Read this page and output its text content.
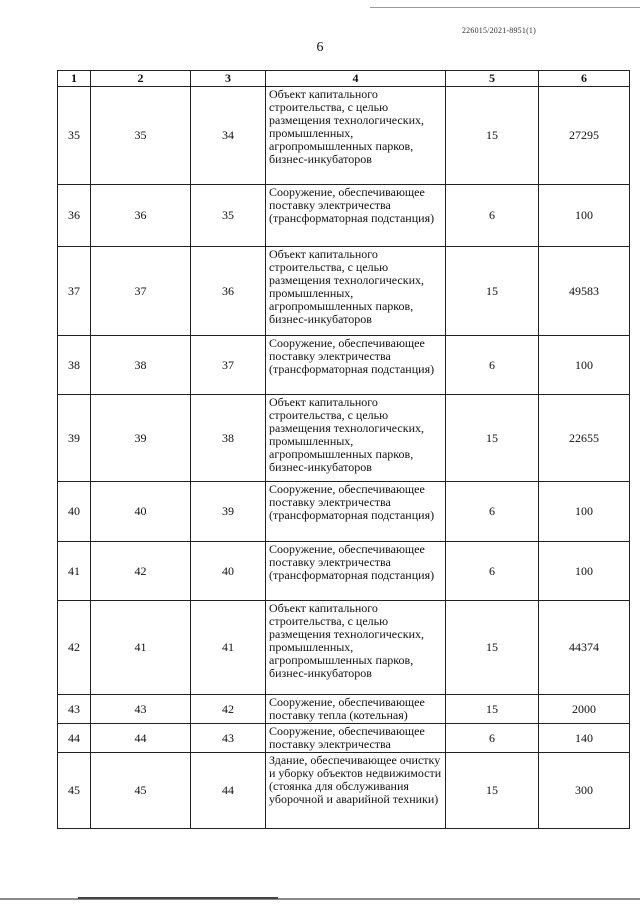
226015/2021-8951(1)
6
1	2	3	4	5	6
35	35	34	Объект капитального строительства, с целью размещения технологических, промышленных, агропромышленных парков, бизнес-инкубаторов	15	27295
36	36	35	Сооружение, обеспечивающее поставку электричества (трансформаторная подстанция)	6	100
37	37	36	Объект капитального строительства, с целью размещения технологических, промышленных, агропромышленных парков, бизнес-инкубаторов	15	49583
38	38	37	Сооружение, обеспечивающее поставку электричества (трансформаторная подстанция)	6	100
39	39	38	Объект капитального строительства, с целью размещения технологических, промышленных, агропромышленных парков, бизнес-инкубаторов	15	22655
40	40	39	Сооружение, обеспечивающее поставку электричества (трансформаторная подстанция)	6	100
41	42	40	Сооружение, обеспечивающее поставку электричества (трансформаторная подстанция)	6	100
42	41	41	Объект капитального строительства, с целью размещения технологических, промышленных, агропромышленных парков, бизнес-инкубаторов	15	44374
43	43	42	Сооружение, обеспечивающее поставку тепла (котельная)	15	2000
44	44	43	Сооружение, обеспечивающее поставку электричества	6	140
45	45	44	Здание, обеспечивающее очистку и уборку объектов недвижимости (стоянка для обслуживания уборочной и аварийной техники)	15	300
